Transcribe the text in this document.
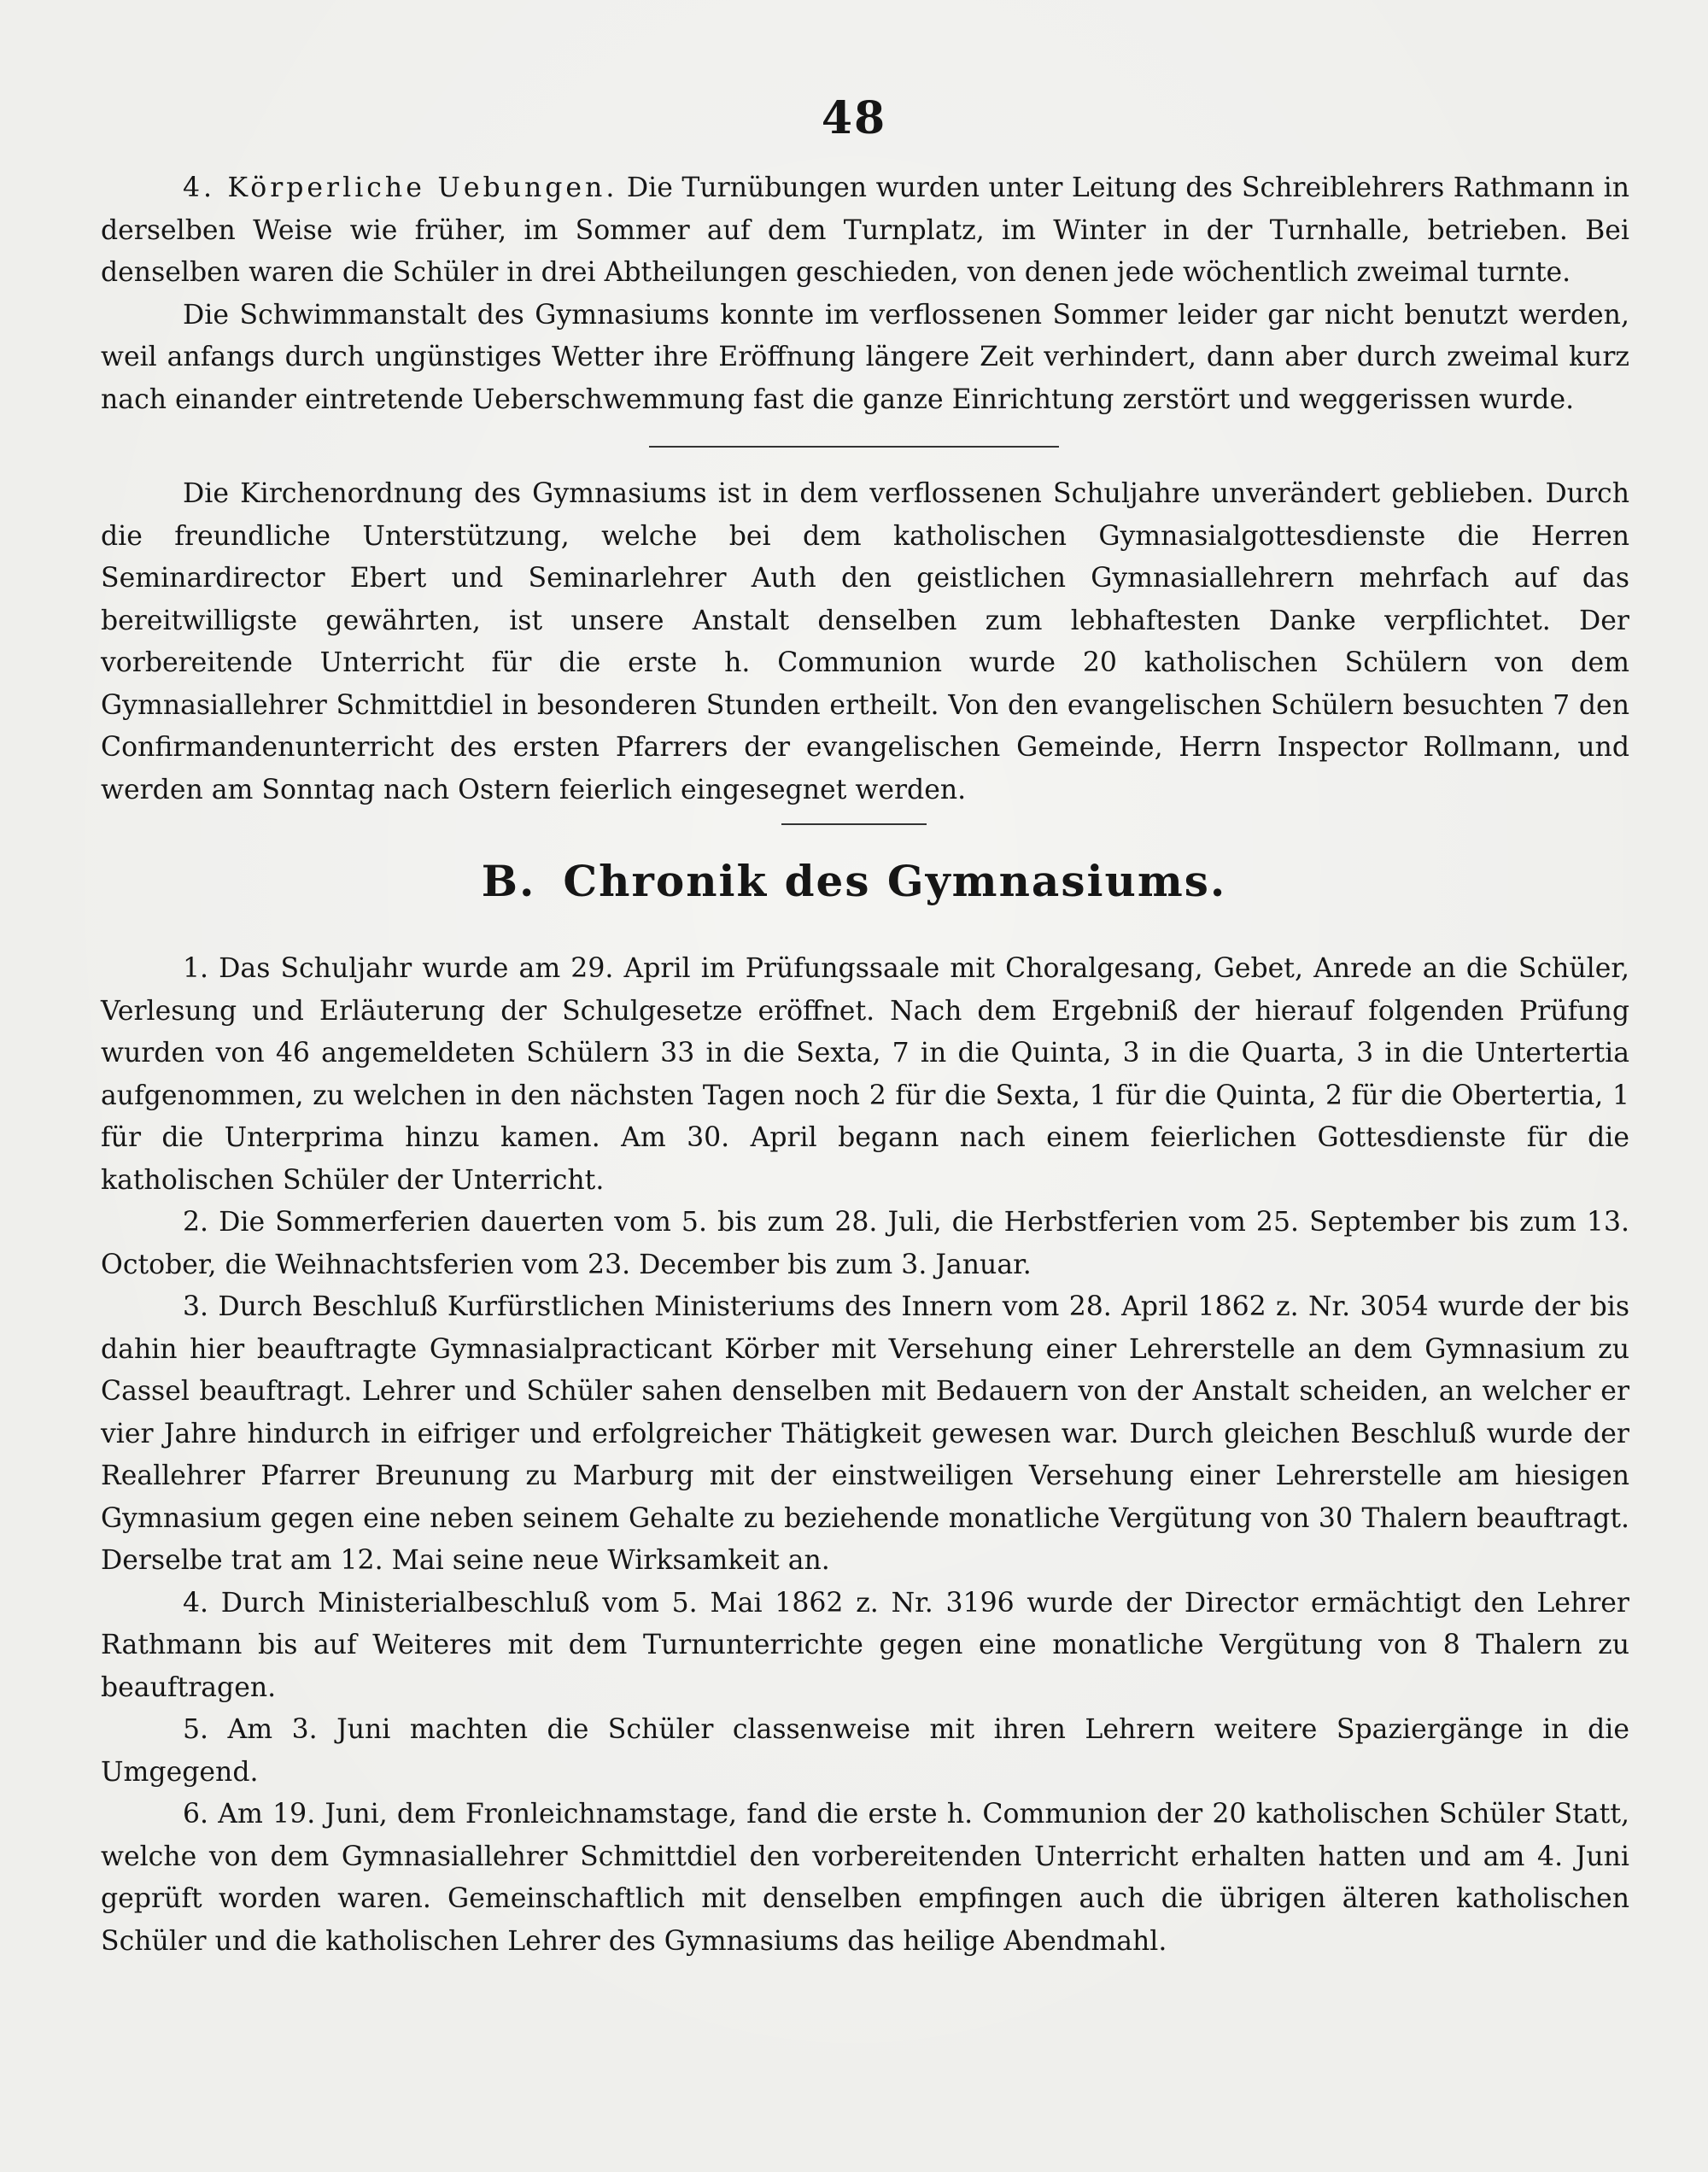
48

4. Körperliche Uebungen. Die Turnübungen wurden unter Leitung des Schreiblehrers Rathmann in derselben Weise wie früher, im Sommer auf dem Turnplatz, im Winter in der Turnhalle, betrieben. Bei denselben waren die Schüler in drei Abtheilungen geschieden, von denen jede wöchentlich zweimal turnte.

Die Schwimmanstalt des Gymnasiums konnte im verflossenen Sommer leider gar nicht benutzt werden, weil anfangs durch ungünstiges Wetter ihre Eröffnung längere Zeit verhindert, dann aber durch zweimal kurz nach einander eintretende Ueberschwemmung fast die ganze Einrichtung zerstört und weggerissen wurde.

Die Kirchenordnung des Gymnasiums ist in dem verflossenen Schuljahre unverändert geblieben. Durch die freundliche Unterstützung, welche bei dem katholischen Gymnasialgottesdienste die Herren Seminardirector Ebert und Seminarlehrer Auth den geistlichen Gymnasiallehrern mehrfach auf das bereitwilligste gewährten, ist unsere Anstalt denselben zum lebhaftesten Danke verpflichtet. Der vorbereitende Unterricht für die erste h. Communion wurde 20 katholischen Schülern von dem Gymnasiallehrer Schmittdiel in besonderen Stunden ertheilt. Von den evangelischen Schülern besuchten 7 den Confirmandenunterricht des ersten Pfarrers der evangelischen Gemeinde, Herrn Inspector Rollmann, und werden am Sonntag nach Ostern feierlich eingesegnet werden.

B. Chronik des Gymnasiums.

1. Das Schuljahr wurde am 29. April im Prüfungssaale mit Choralgesang, Gebet, Anrede an die Schüler, Verlesung und Erläuterung der Schulgesetze eröffnet. Nach dem Ergebniß der hierauf folgenden Prüfung wurden von 46 angemeldeten Schülern 33 in die Sexta, 7 in die Quinta, 3 in die Quarta, 3 in die Untertertia aufgenommen, zu welchen in den nächsten Tagen noch 2 für die Sexta, 1 für die Quinta, 2 für die Obertertia, 1 für die Unterprima hinzu kamen. Am 30. April begann nach einem feierlichen Gottesdienste für die katholischen Schüler der Unterricht.

2. Die Sommerferien dauerten vom 5. bis zum 28. Juli, die Herbstferien vom 25. September bis zum 13. October, die Weihnachtsferien vom 23. December bis zum 3. Januar.

3. Durch Beschluß Kurfürstlichen Ministeriums des Innern vom 28. April 1862 z. Nr. 3054 wurde der bis dahin hier beauftragte Gymnasialpracticant Körber mit Versehung einer Lehrerstelle an dem Gymnasium zu Cassel beauftragt. Lehrer und Schüler sahen denselben mit Bedauern von der Anstalt scheiden, an welcher er vier Jahre hindurch in eifriger und erfolgreicher Thätigkeit gewesen war. Durch gleichen Beschluß wurde der Reallehrer Pfarrer Breunung zu Marburg mit der einstweiligen Versehung einer Lehrerstelle am hiesigen Gymnasium gegen eine neben seinem Gehalte zu beziehende monatliche Vergütung von 30 Thalern beauftragt. Derselbe trat am 12. Mai seine neue Wirksamkeit an.

4. Durch Ministerialbeschluß vom 5. Mai 1862 z. Nr. 3196 wurde der Director ermächtigt den Lehrer Rathmann bis auf Weiteres mit dem Turnunterrichte gegen eine monatliche Vergütung von 8 Thalern zu beauftragen.

5. Am 3. Juni machten die Schüler classenweise mit ihren Lehrern weitere Spaziergänge in die Umgegend.

6. Am 19. Juni, dem Fronleichnamstage, fand die erste h. Communion der 20 katholischen Schüler Statt, welche von dem Gymnasiallehrer Schmittdiel den vorbereitenden Unterricht erhalten hatten und am 4. Juni geprüft worden waren. Gemeinschaftlich mit denselben empfingen auch die übrigen älteren katholischen Schüler und die katholischen Lehrer des Gymnasiums das heilige Abendmahl.
